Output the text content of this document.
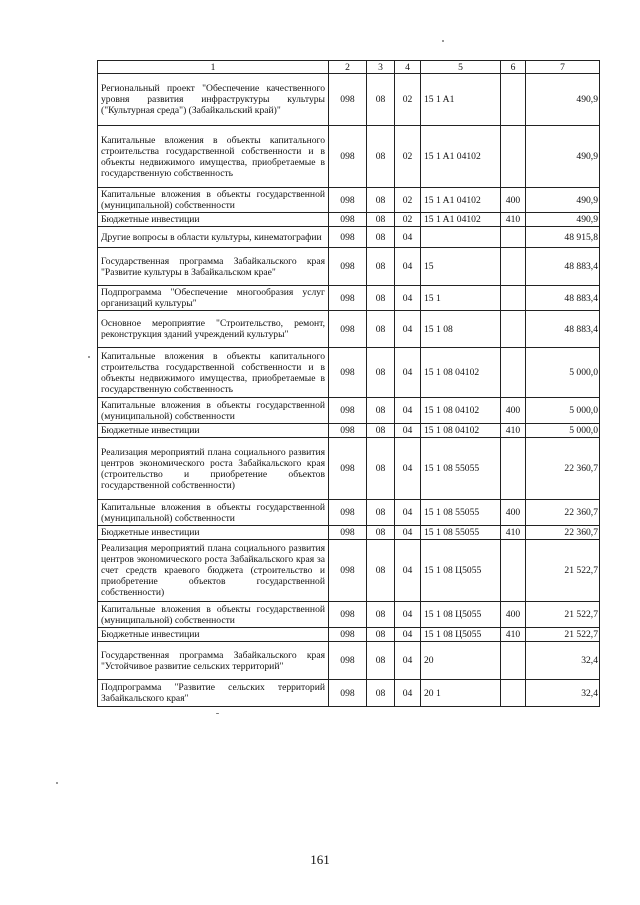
1	2	3	4	5	6	7
Региональный проект "Обеспечение качественного уровня развития инфраструктуры культуры ("Культурная среда") (Забайкальский край)"	098	08	02	15 1 A1		490,9
Капитальные вложения в объекты капитального строительства государственной собственности и в объекты недвижимого имущества, приобретаемые в государственную собственность	098	08	02	15 1 A1 04102		490,9
Капитальные вложения в объекты государственной (муниципальной) собственности	098	08	02	15 1 A1 04102	400	490,9
Бюджетные инвестиции	098	08	02	15 1 A1 04102	410	490,9
Другие вопросы в области культуры, кинематографии	098	08	04			48 915,8
Государственная программа Забайкальского края "Развитие культуры в Забайкальском крае"	098	08	04	15		48 883,4
Подпрограмма "Обеспечение многообразия услуг организаций культуры"	098	08	04	15 1		48 883,4
Основное мероприятие "Строительство, ремонт, реконструкция зданий учреждений культуры"	098	08	04	15 1 08		48 883,4
Капитальные вложения в объекты капитального строительства государственной собственности и в объекты недвижимого имущества, приобретаемые в государственную собственность	098	08	04	15 1 08 04102		5 000,0
Капитальные вложения в объекты государственной (муниципальной) собственности	098	08	04	15 1 08 04102	400	5 000,0
Бюджетные инвестиции	098	08	04	15 1 08 04102	410	5 000,0
Реализация мероприятий плана социального развития центров экономического роста Забайкальского края (строительство и приобретение объектов государственной собственности)	098	08	04	15 1 08 55055		22 360,7
Капитальные вложения в объекты государственной (муниципальной) собственности	098	08	04	15 1 08 55055	400	22 360,7
Бюджетные инвестиции	098	08	04	15 1 08 55055	410	22 360,7
Реализация мероприятий плана социального развития центров экономического роста Забайкальского края за счет средств краевого бюджета (строительство и приобретение объектов государственной собственности)	098	08	04	15 1 08 Ц5055		21 522,7
Капитальные вложения в объекты государственной (муниципальной) собственности	098	08	04	15 1 08 Ц5055	400	21 522,7
Бюджетные инвестиции	098	08	04	15 1 08 Ц5055	410	21 522,7
Государственная программа Забайкальского края "Устойчивое развитие сельских территорий"	098	08	04	20		32,4
Подпрограмма "Развитие сельских территорий Забайкальского края"	098	08	04	20 1		32,4
161
